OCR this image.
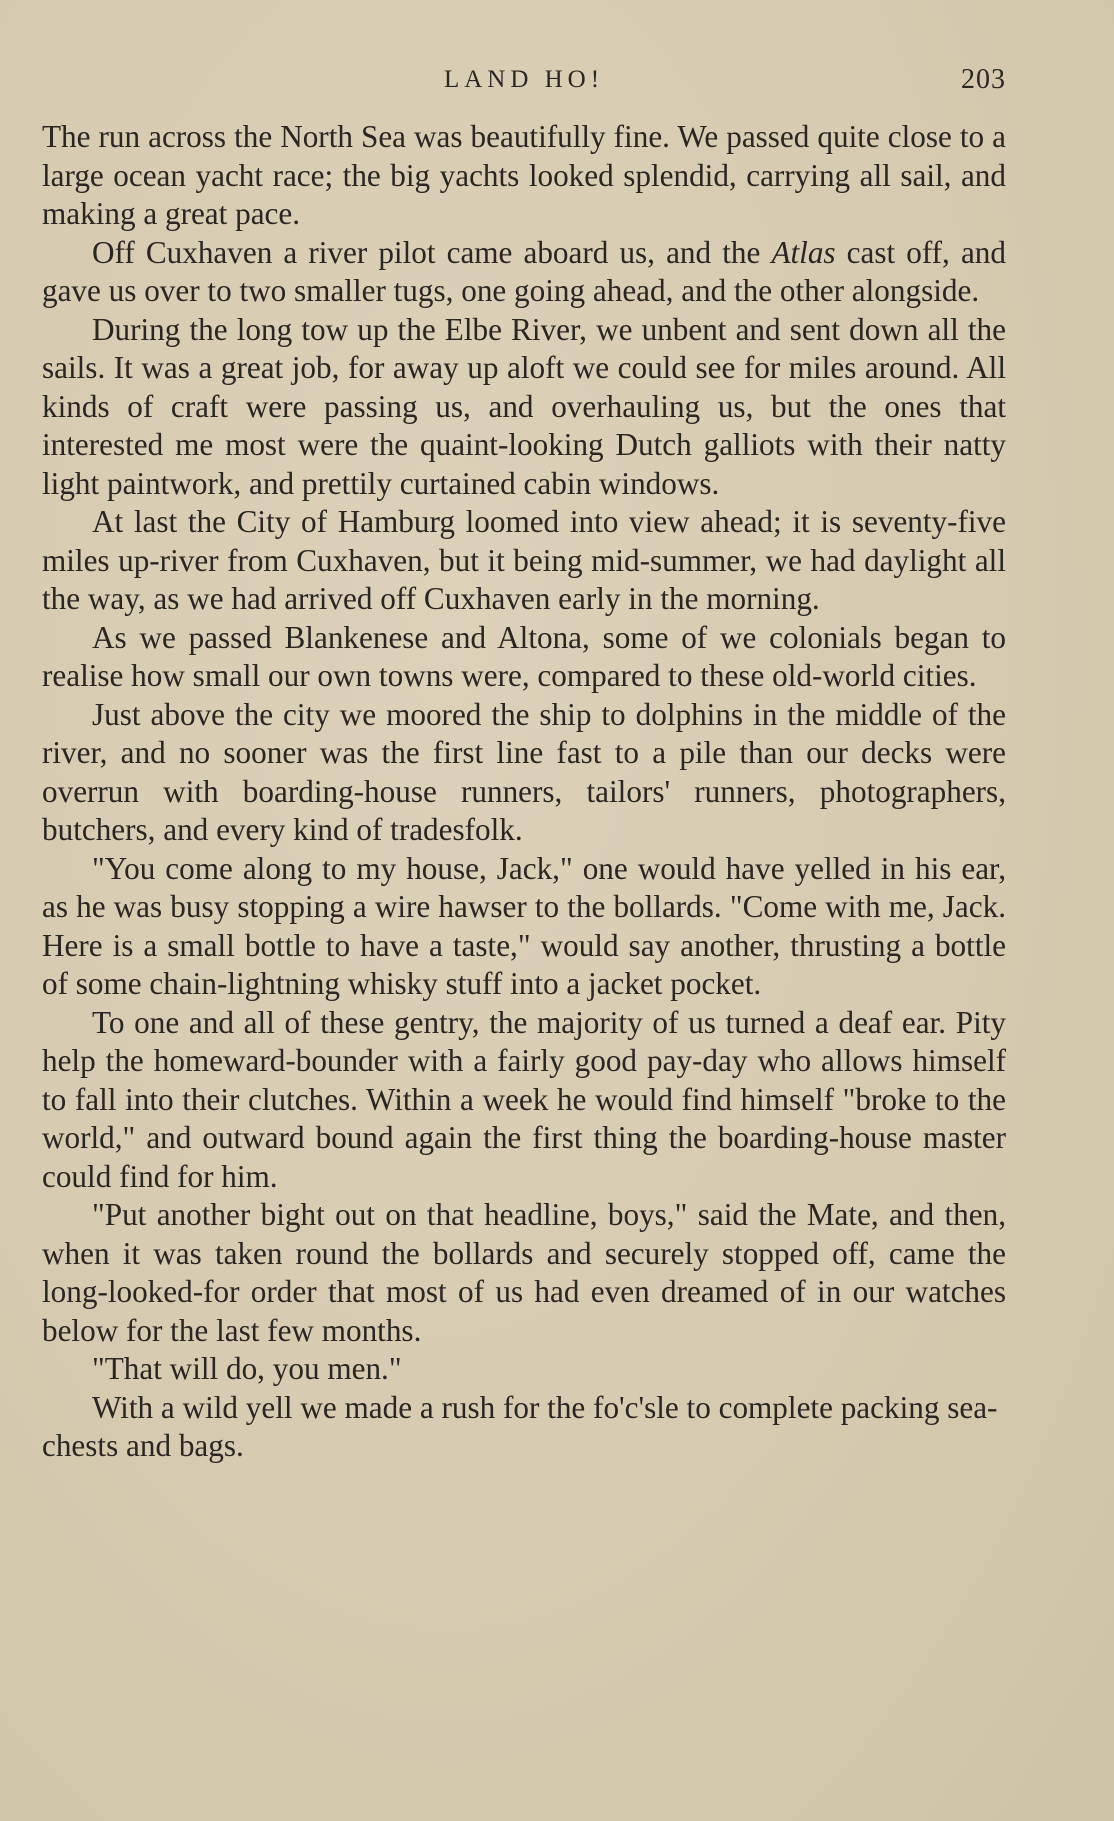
LAND HO!	203

The run across the North Sea was beautifully fine. We passed quite close to a large ocean yacht race; the big yachts looked splendid, carrying all sail, and making a great pace.

Off Cuxhaven a river pilot came aboard us, and the Atlas cast off, and gave us over to two smaller tugs, one going ahead, and the other alongside.

During the long tow up the Elbe River, we unbent and sent down all the sails. It was a great job, for away up aloft we could see for miles around. All kinds of craft were passing us, and overhauling us, but the ones that interested me most were the quaint-looking Dutch galliots with their natty light paintwork, and prettily curtained cabin windows.

At last the City of Hamburg loomed into view ahead; it is seventy-five miles up-river from Cuxhaven, but it being mid-summer, we had daylight all the way, as we had arrived off Cuxhaven early in the morning.

As we passed Blankenese and Altona, some of we colonials began to realise how small our own towns were, compared to these old-world cities.

Just above the city we moored the ship to dolphins in the middle of the river, and no sooner was the first line fast to a pile than our decks were overrun with boarding-house runners, tailors' runners, photographers, butchers, and every kind of tradesfolk.

"You come along to my house, Jack," one would have yelled in his ear, as he was busy stopping a wire hawser to the bollards. "Come with me, Jack. Here is a small bottle to have a taste," would say another, thrusting a bottle of some chain-lightning whisky stuff into a jacket pocket.

To one and all of these gentry, the majority of us turned a deaf ear. Pity help the homeward-bounder with a fairly good pay-day who allows himself to fall into their clutches. Within a week he would find himself "broke to the world," and outward bound again the first thing the boarding-house master could find for him.

"Put another bight out on that headline, boys," said the Mate, and then, when it was taken round the bollards and securely stopped off, came the long-looked-for order that most of us had even dreamed of in our watches below for the last few months.

"That will do, you men."

With a wild yell we made a rush for the fo'c'sle to complete packing sea-chests and bags.
